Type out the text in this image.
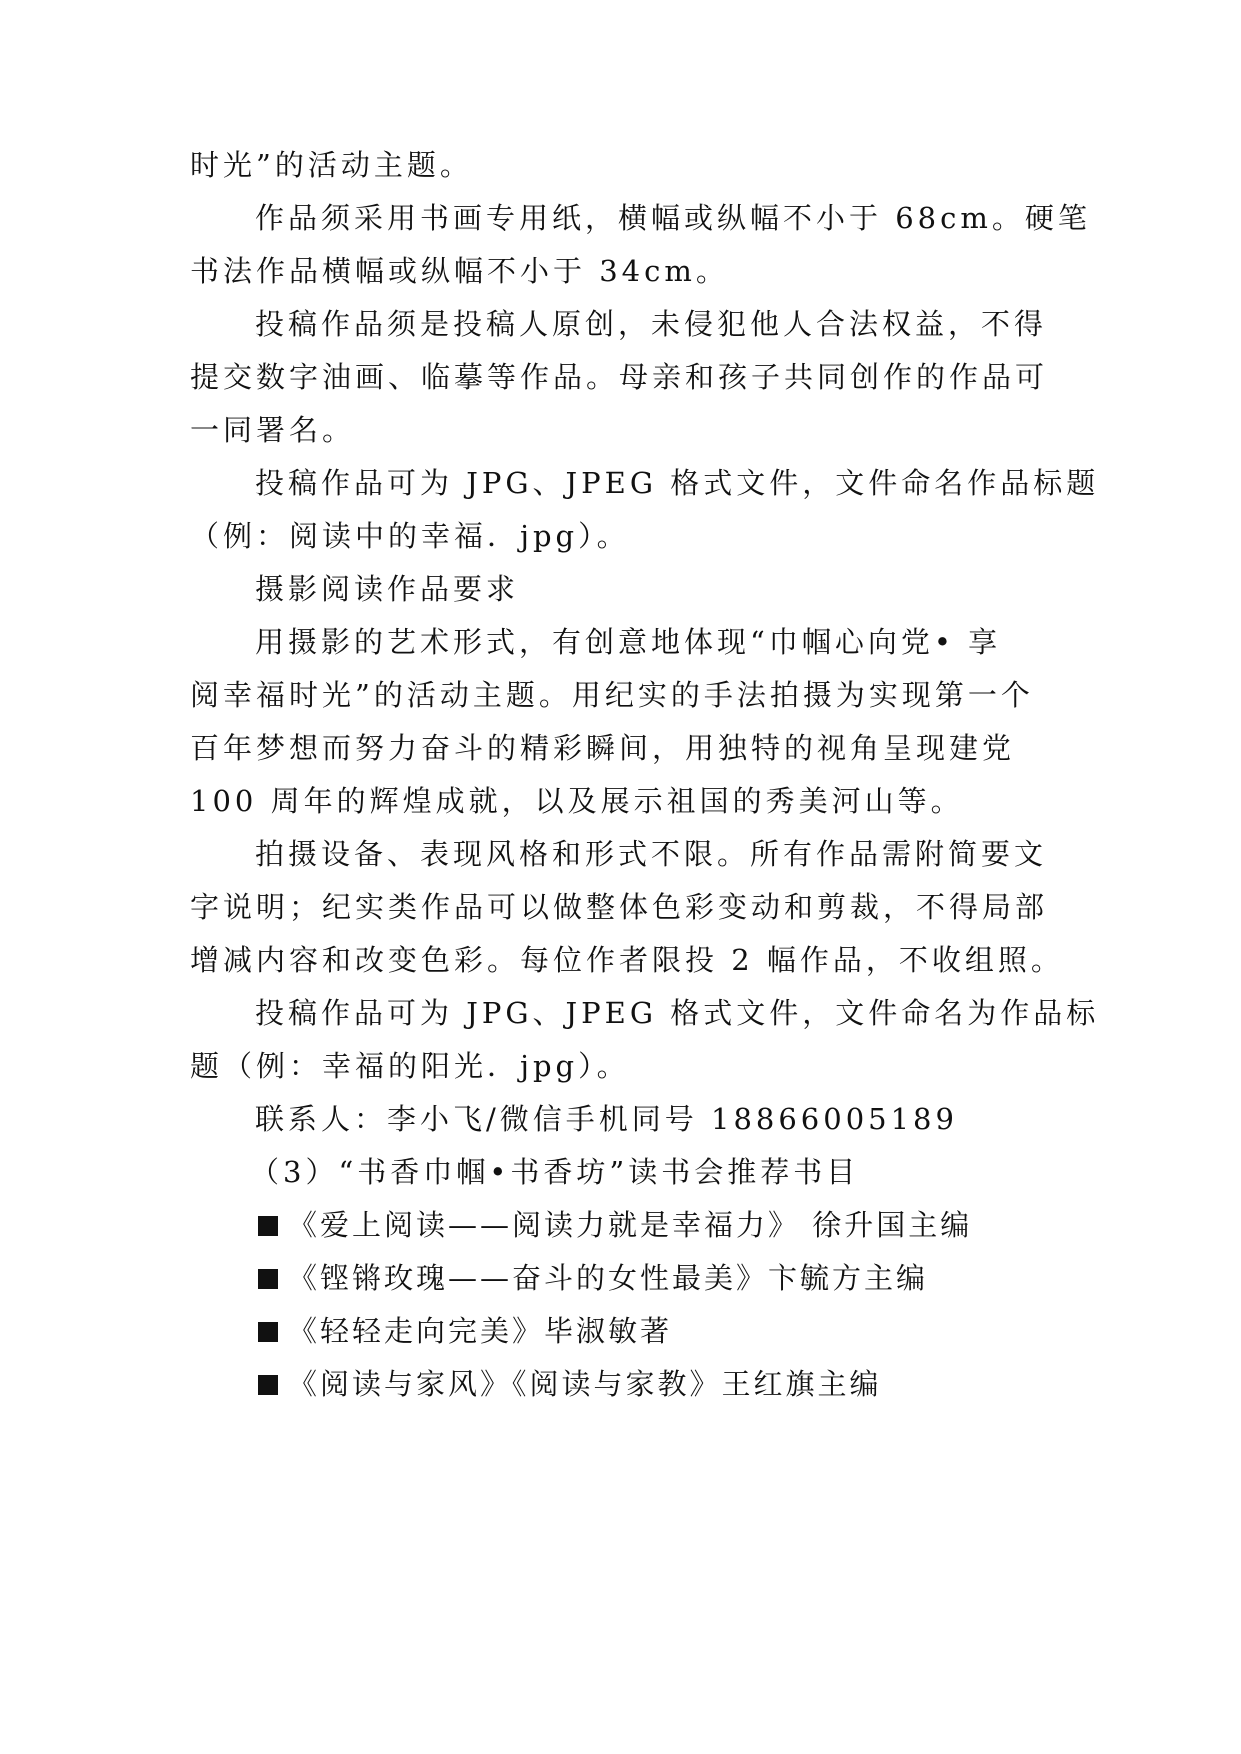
时光”的活动主题。
作品须采用书画专用纸，横幅或纵幅不小于 68cm。硬笔
书法作品横幅或纵幅不小于 34cm。
投稿作品须是投稿人原创，未侵犯他人合法权益，不得
提交数字油画、临摹等作品。母亲和孩子共同创作的作品可
一同署名。
投稿作品可为 JPG、JPEG 格式文件，文件命名作品标题
（例：阅读中的幸福．jpg）。
摄影阅读作品要求
用摄影的艺术形式，有创意地体现“巾帼心向党• 享
阅幸福时光”的活动主题。用纪实的手法拍摄为实现第一个
百年梦想而努力奋斗的精彩瞬间，用独特的视角呈现建党
100 周年的辉煌成就，以及展示祖国的秀美河山等。
拍摄设备、表现风格和形式不限。所有作品需附简要文
字说明；纪实类作品可以做整体色彩变动和剪裁，不得局部
增减内容和改变色彩。每位作者限投 2 幅作品，不收组照。
投稿作品可为 JPG、JPEG 格式文件，文件命名为作品标
题（例：幸福的阳光．jpg）。
联系人：李小飞/微信手机同号 18866005189
（3）“书香巾帼•书香坊”读书会推荐书目
《爱上阅读——阅读力就是幸福力》 徐升国主编
《铿锵玫瑰——奋斗的女性最美》卞毓方主编
《轻轻走向完美》毕淑敏著
《阅读与家风》《阅读与家教》王红旗主编
